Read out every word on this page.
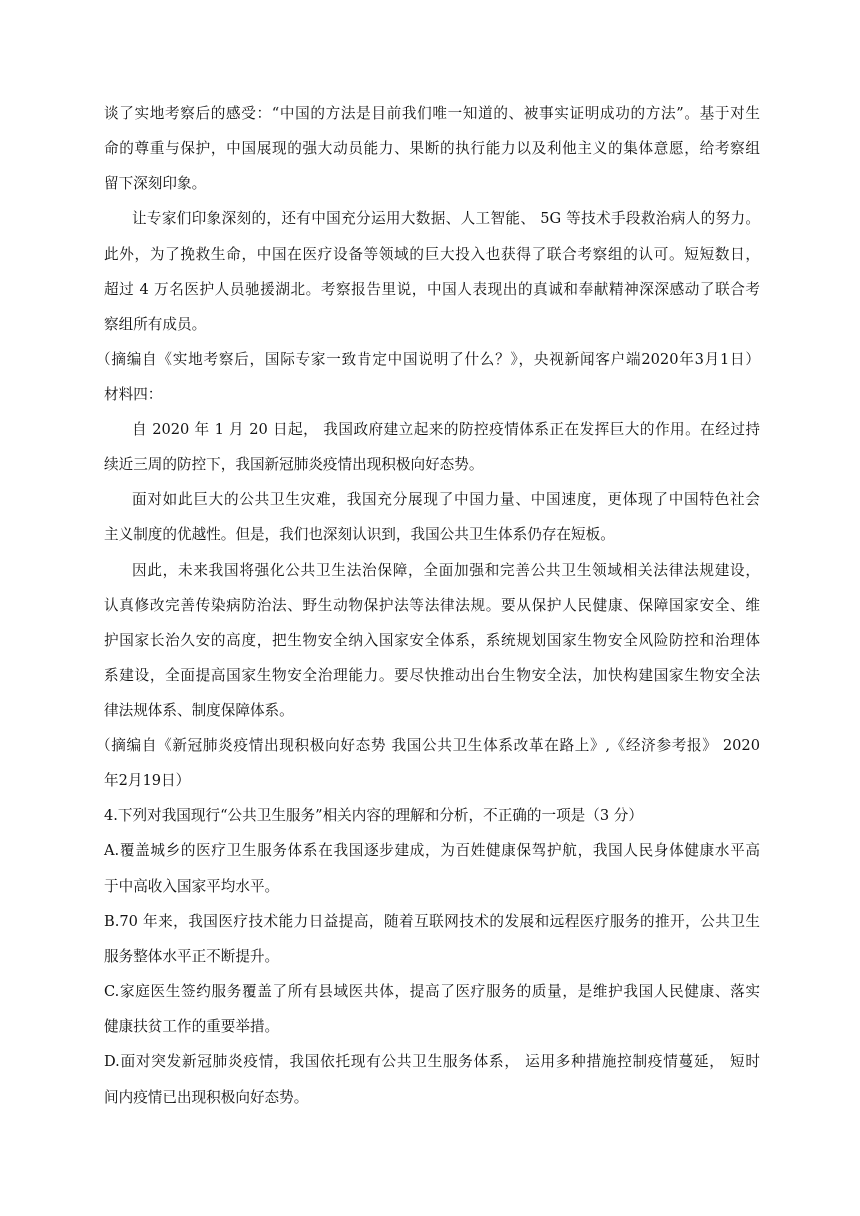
谈了实地考察后的感受：“中国的方法是目前我们唯一知道的、被事实证明成功的方法”。基于对生
命的尊重与保护，中国展现的强大动员能力、果断的执行能力以及利他主义的集体意愿，给考察组
留下深刻印象。
让专家们印象深刻的，还有中国充分运用大数据、人工智能、 5G 等技术手段救治病人的努力。
此外，为了挽救生命，中国在医疗设备等领域的巨大投入也获得了联合考察组的认可。短短数日，
超过 4 万名医护人员驰援湖北。考察报告里说，中国人表现出的真诚和奉献精神深深感动了联合考
察组所有成员。
（摘编自《实地考察后，国际专家一致肯定中国说明了什么？》，央视新闻客户端2020年3月1日）
材料四：
自 2020 年 1 月 20 日起， 我国政府建立起来的防控疫情体系正在发挥巨大的作用。在经过持
续近三周的防控下，我国新冠肺炎疫情出现积极向好态势。
面对如此巨大的公共卫生灾难，我国充分展现了中国力量、中国速度，更体现了中国特色社会
主义制度的优越性。但是，我们也深刻认识到，我国公共卫生体系仍存在短板。
因此，未来我国将强化公共卫生法治保障，全面加强和完善公共卫生领域相关法律法规建设，
认真修改完善传染病防治法、野生动物保护法等法律法规。要从保护人民健康、保障国家安全、维
护国家长治久安的高度，把生物安全纳入国家安全体系，系统规划国家生物安全风险防控和治理体
系建设，全面提高国家生物安全治理能力。要尽快推动出台生物安全法，加快构建国家生物安全法
律法规体系、制度保障体系。
（摘编自《新冠肺炎疫情出现积极向好态势 我国公共卫生体系改革在路上》,《经济参考报》 2020
年2月19日）
4.下列对我国现行“公共卫生服务”相关内容的理解和分析，不正确的一项是（3 分）
A.覆盖城乡的医疗卫生服务体系在我国逐步建成，为百姓健康保驾护航，我国人民身体健康水平高
于中高收入国家平均水平。
B.70 年来，我国医疗技术能力日益提高，随着互联网技术的发展和远程医疗服务的推开，公共卫生
服务整体水平正不断提升。
C.家庭医生签约服务覆盖了所有县域医共体，提高了医疗服务的质量，是维护我国人民健康、落实
健康扶贫工作的重要举措。
D.面对突发新冠肺炎疫情，我国依托现有公共卫生服务体系， 运用多种措施控制疫情蔓延， 短时
间内疫情已出现积极向好态势。
